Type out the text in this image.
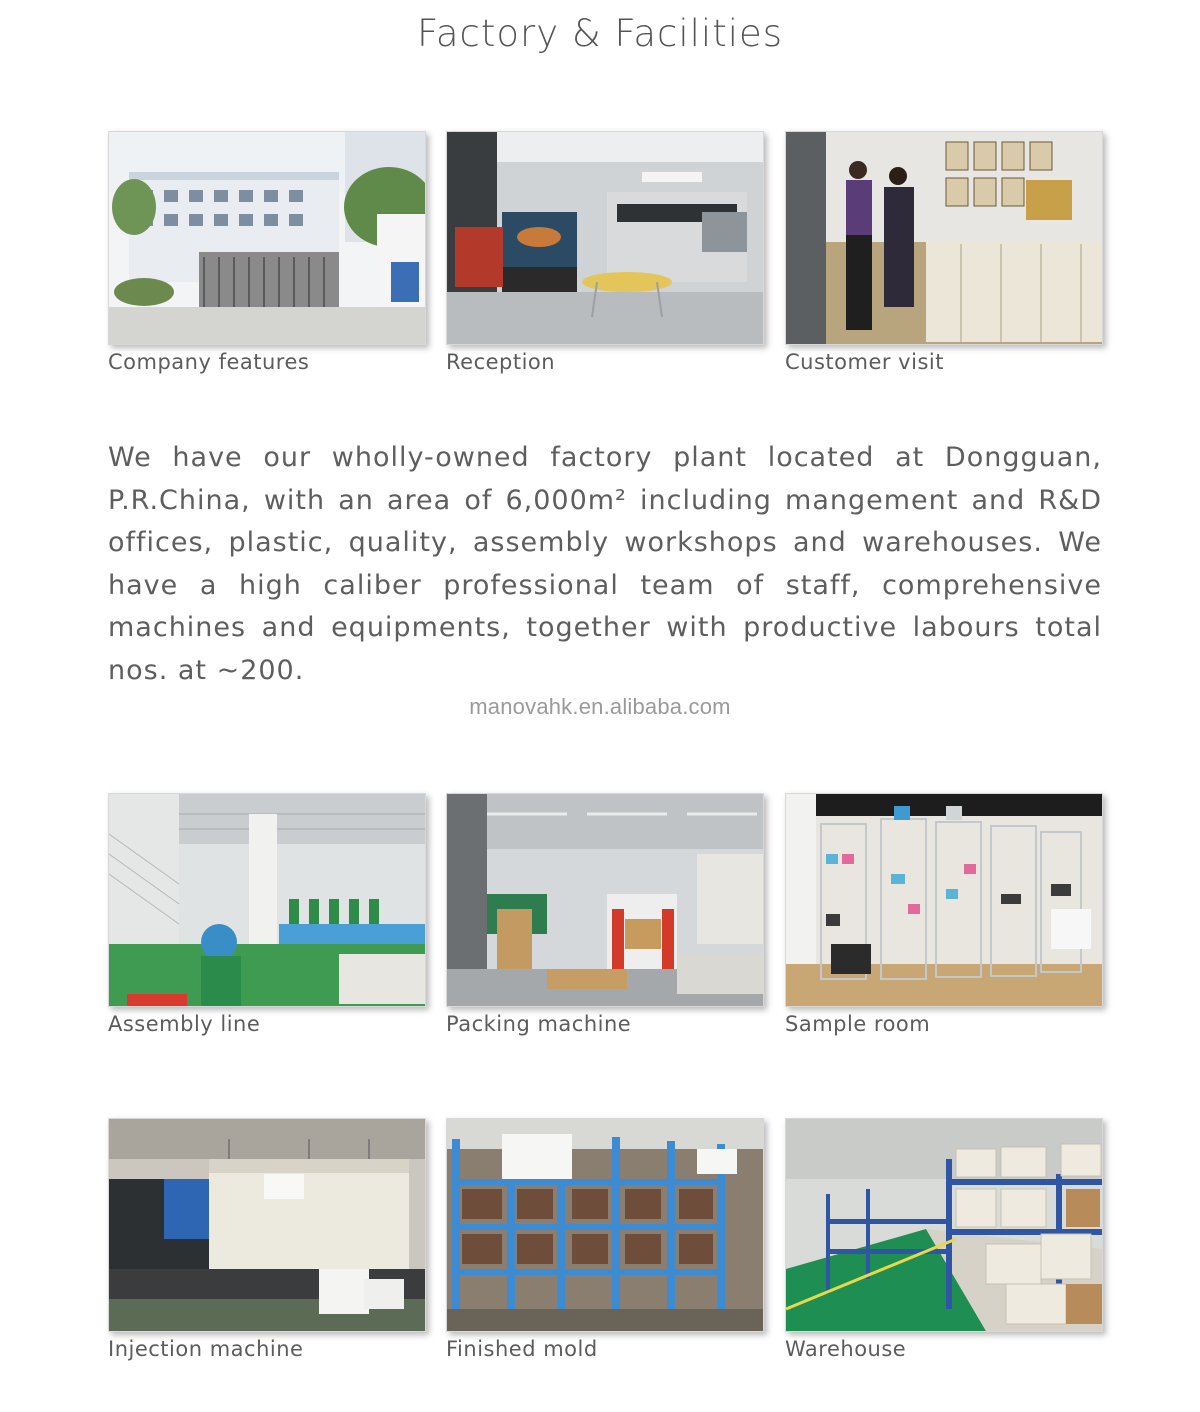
Factory & Facilities
Company features	Reception	Customer visit
We have our wholly-owned factory plant located at Dongguan, P.R.China, with an area of 6,000m² including mangement and R&D offices, plastic, quality, assembly workshops and warehouses. We have a high caliber professional team of staff, comprehensive machines and equipments, together with productive labours total nos. at ~200.
manovahk.en.alibaba.com
Assembly line	Packing machine	Sample room
Injection machine	Finished mold	Warehouse
